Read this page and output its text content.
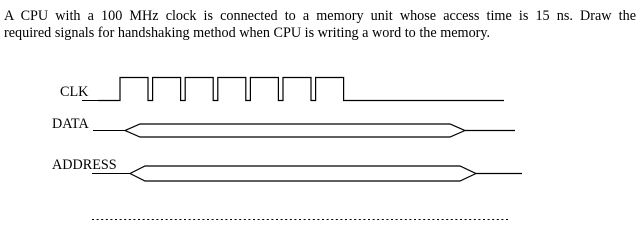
A CPU with a 100 MHz clock is connected to a memory unit whose access time is 15 ns. Draw the
required signals for handshaking method when CPU is writing a word to the memory.
CLK
DATA
ADDRESS
